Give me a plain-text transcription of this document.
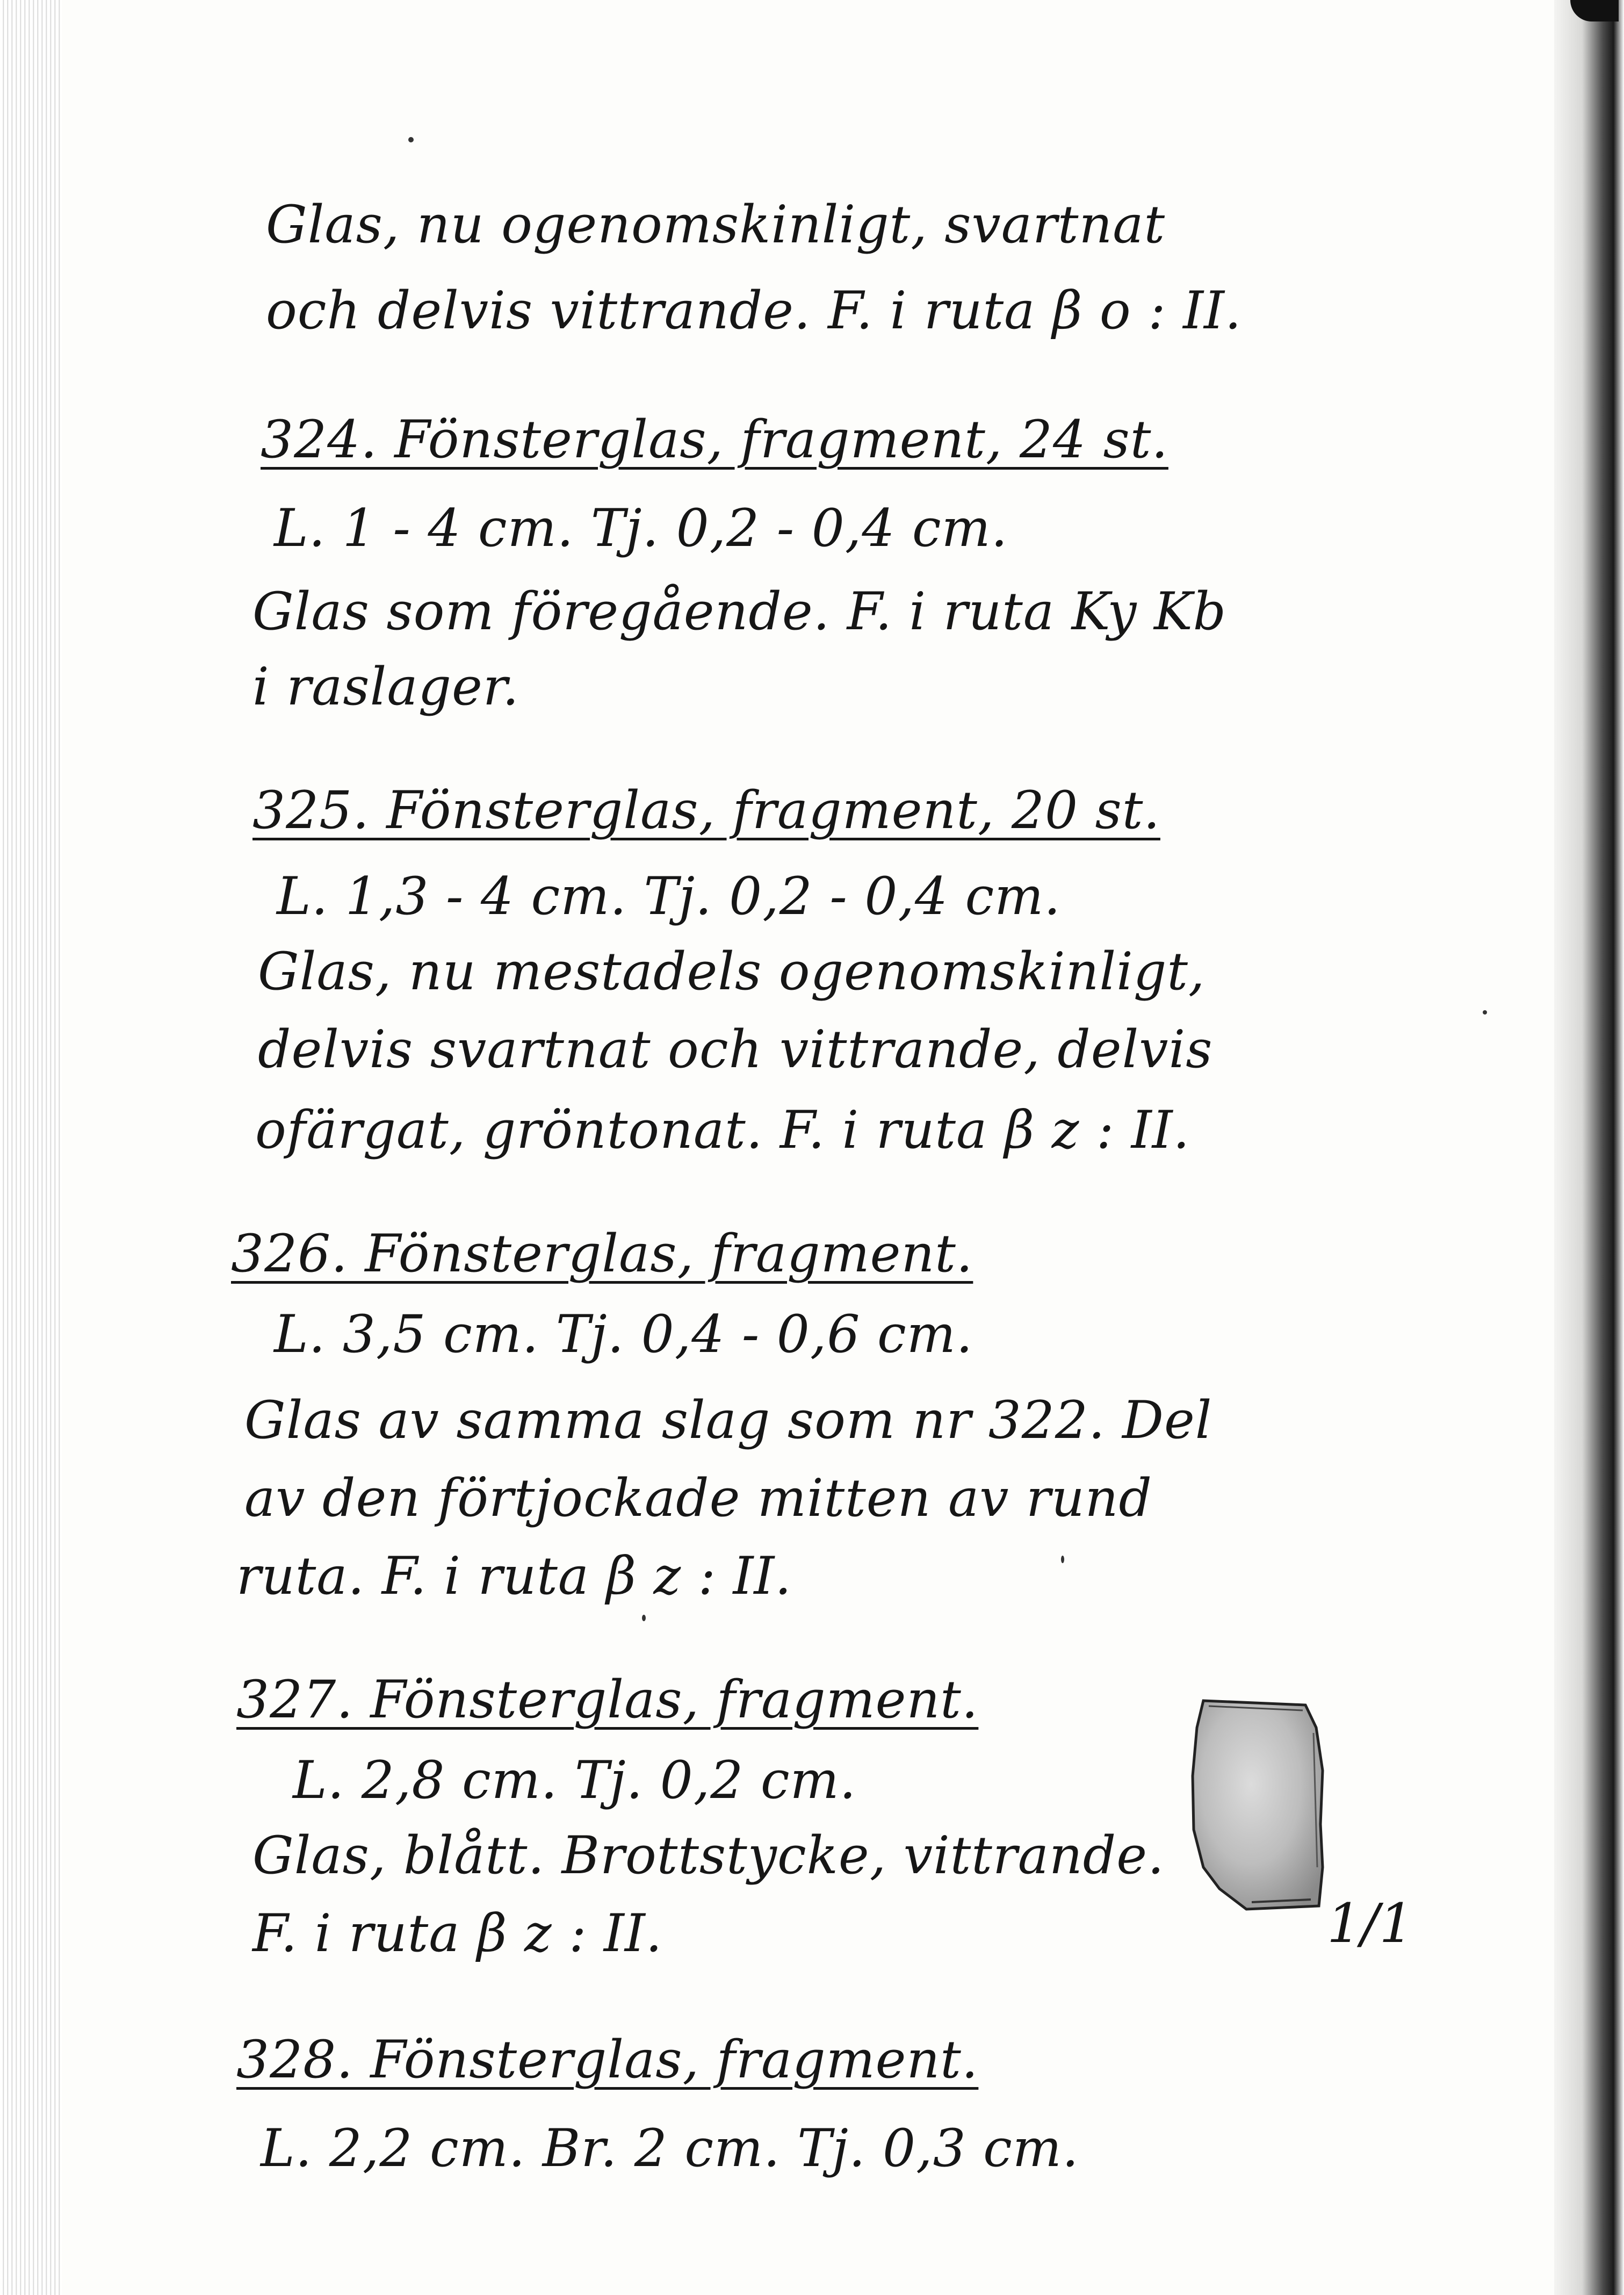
Glas, nu ogenomskinligt, svartnat
och delvis vittrande. F. i ruta β o : II.
324. Fönsterglas, fragment, 24 st.
L. 1 - 4 cm. Tj. 0,2 - 0,4 cm.
Glas som föregående. F. i ruta Ky Kb
i raslager.
325. Fönsterglas, fragment, 20 st.
L. 1,3 - 4 cm. Tj. 0,2 - 0,4 cm.
Glas, nu mestadels ogenomskinligt,
delvis svartnat och vittrande, delvis
ofärgat, gröntonat. F. i ruta β z : II.
326. Fönsterglas, fragment.
L. 3,5 cm. Tj. 0,4 - 0,6 cm.
Glas av samma slag som nr 322. Del
av den förtjockade mitten av rund
ruta. F. i ruta β z : II.
327. Fönsterglas, fragment.
L. 2,8 cm. Tj. 0,2 cm.
Glas, blått. Brottstycke, vittrande.
F. i ruta β z : II.	1/1
328. Fönsterglas, fragment.
L. 2,2 cm. Br. 2 cm. Tj. 0,3 cm.
